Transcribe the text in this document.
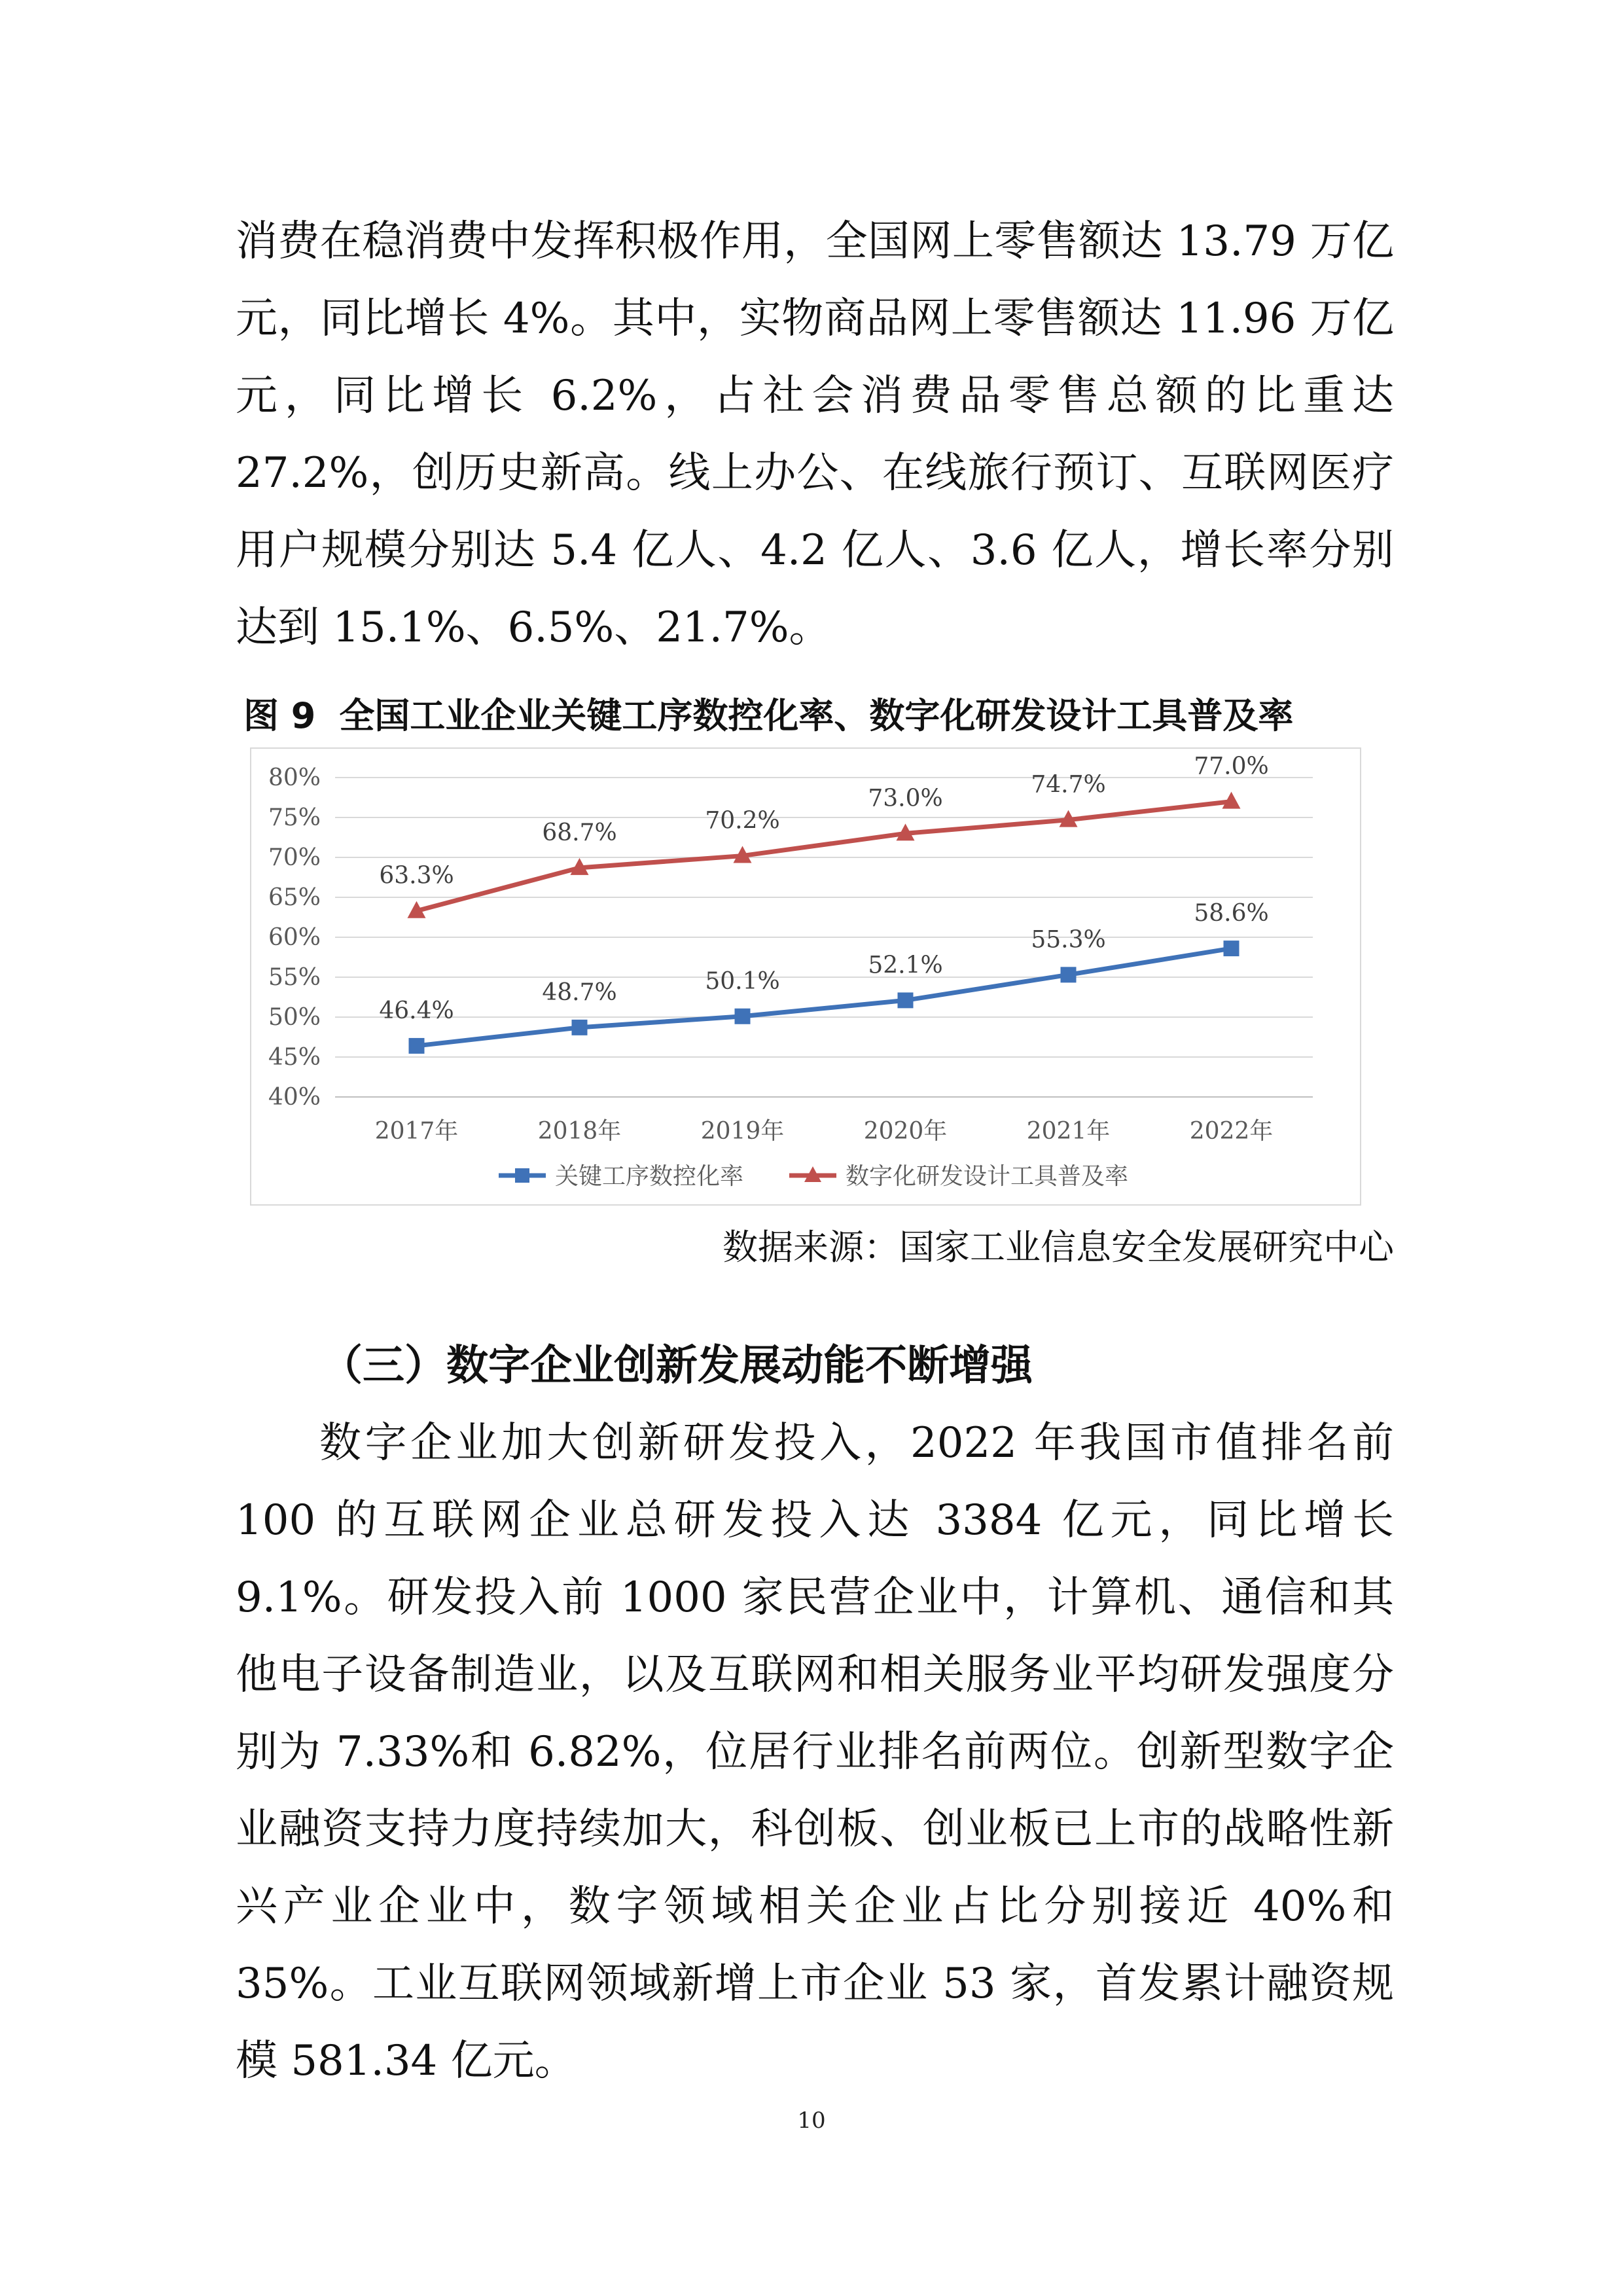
消费在稳消费中发挥积极作用，全国网上零售额达 13.79 万亿元，同比增长 4%。其中，实物商品网上零售额达 11.96 万亿元，同比增长 6.2%，占社会消费品零售总额的比重达 27.2%，创历史新高。线上办公、在线旅行预订、互联网医疗用户规模分别达 5.4 亿人、4.2 亿人、3.6 亿人，增长率分别达到 15.1%、6.5%、21.7%。

图 9 全国工业企业关键工序数控化率、数字化研发设计工具普及率
40%
45%
50%
55%
60%
65%
70%
75%
80%
2017年	2018年	2019年	2020年	2021年	2022年
46.4%
48.7%	50.1%
52.1%
55.3%
58.6%
63.3%
68.7%	70.2%
73.0%
74.7%
77.0%
关键工序数控化率	数字化研发设计工具普及率
数据来源：国家工业信息安全发展研究中心
（三）数字企业创新发展动能不断增强

数字企业加大创新研发投入，2022 年我国市值排名前 100 的互联网企业总研发投入达 3384 亿元，同比增长 9.1%。研发投入前 1000 家民营企业中，计算机、通信和其他电子设备制造业，以及互联网和相关服务业平均研发强度分别为 7.33%和 6.82%，位居行业排名前两位。创新型数字企业融资支持力度持续加大，科创板、创业板已上市的战略性新兴产业企业中，数字领域相关企业占比分别接近 40%和 35%。工业互联网领域新增上市企业 53 家，首发累计融资规模 581.34 亿元。

10
